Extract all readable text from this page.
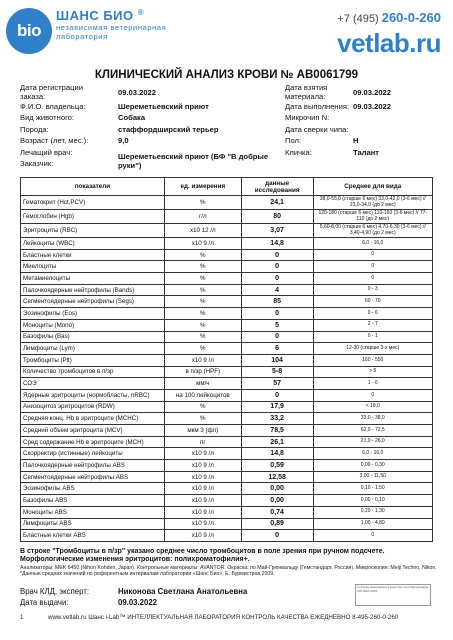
bio
ШАНС БИО ®
независимая ветеринарная лаборатория
+7 (495) 260-0-260
vetlab.ru
КЛИНИЧЕСКИЙ АНАЛИЗ КРОВИ № АВ0061799
Дата регистрации заказа:	09.03.2022
Ф.И.О. владельца:	Шереметьевский приют
Вид животного:	Собака
Порода:	стаффордширский терьер
Возраст (лет, мес.):	9,0
Лечащий врач:
Заказчик:
Шереметьевский приют (БФ "В добрые руки")
Дата взятия материала:	09.03.2022
Дата выполнения: 09.03.2022
Микрочип N:
Дата сверки чипа:
Пол:	Н
Кличка:	Талант
показатели	ед. измерения	данные исследования	Среднее для вида
Гематокрит (Hct,PCV)	%	24,1	38,0-55,0 (старше 6 мес) 33,0-42,0 (3-6 мес) // 23,0-34,0 (до 2 мес)
Гемоглобин (Hgb)	г/л	80	120-180 (старше 6 мес) 110-150 (3-6 мес) // 77-110 (до 2 мес)
Эритроциты (RBC)	х10 12 /л	3,07	5,60-8,00 (старше 6 мес) 4,70-6,30 (3-6 мес) // 3,40-4,90 (до 2 мес)
Лейкоциты (WBC)	х10 9 /л	14,8	6,0 - 16,0
Бластные клетки	%	0	0
Миелоциты	%	0	0
Метамиелоциты	%	0	0
Палочкоядерные нейтрофилы (Bands)	%	4	0 - 3
Сегментоядерные нейтрофилы (Segs)	%	85	60 - 70
Эозинофилы (Eos)	%	0	0 - 6
Моноциты (Mono)	%	5	2 - 7
Базофилы (Bas)	%	0	0 - 1
Лимфоциты (Lym)	%	6	12-30 (старше 3-х мес)
Тромбоциты (Plt)	х10 9 /л	104	160 - 550
Количество тромбоцитов в п/зр	в п/зр (HPF)	5-8	> 5
СОЭ	мм/ч	57	1 - 6
Ядерные эритроциты (нормобласты, nRBC)	на 100 лейкоцитов	0	0
Анизоцитоз эритроцитов (RDW)	%	17,9	< 18,0
Средняя конц. Hb в эритроците (MCHC)	%	33,2	33,0 - 38,0
Средний объем эритроцита (MCV)	мкм 3 (фл)	78,5	62,0 - 72,5
Сред содержание Hb в эритроците (MCH)	пг	26,1	21,0 - 26,0
Скорректир (истинные) лейкоциты	х10 9 /л	14,8	6,0 - 16,0
Палочкоядерные нейтрофилы ABS	х10 9 /л	0,59	0,00 - 0,30
Сегментоядерные нейтрофилы ABS	х10 9 /л	12,58	3,00 - 11,50
Эозинофилы ABS	х10 9 /л	0,00	0,10 - 1,50
Базофилы ABS	х10 9 /л	0,00	0,00 - 0,10
Моноциты ABS	х10 9 /л	0,74	0,20 - 1,30
Лимфоциты ABS	х10 9 /л	0,89	1,00 - 4,80
Бластные клетки ABS	х10 9 /л	0	0
В строке "Тромбоциты в п/зр" указано среднее число тромбоцитов в поле зрения при ручном подсчете.
Морфологические изменения эритроцитов: полихроматофилия+.
Анализаторы: MEK 6450 (Nihon Kohden, Japan). Контрольные материалы: AVANTOR. Окраска: по Май-Грюнвальду (Гемстандарт, Россия). Микроскопия: Meiji Techno, Nikon.
*Данные средних значений по референтным интервалам лаборатории «Шанс Био», Е. Бурмистров,2009.
Врач КЛД, эксперт:	Никонова Светлана Анатольевна
Дата выдачи:	09.03.2022
Система менеджмента качества сертифицирована ISO 9001:2015
1	www.vetlab.ru Шанс i-Lab™ ИНТЕЛЛЕКТУАЛЬНАЯ ЛАБОРАТОРИЯ КОНТРОЛЬ КАЧЕСТВА ЕЖЕДНЕВНО 8-495-260-0-260
